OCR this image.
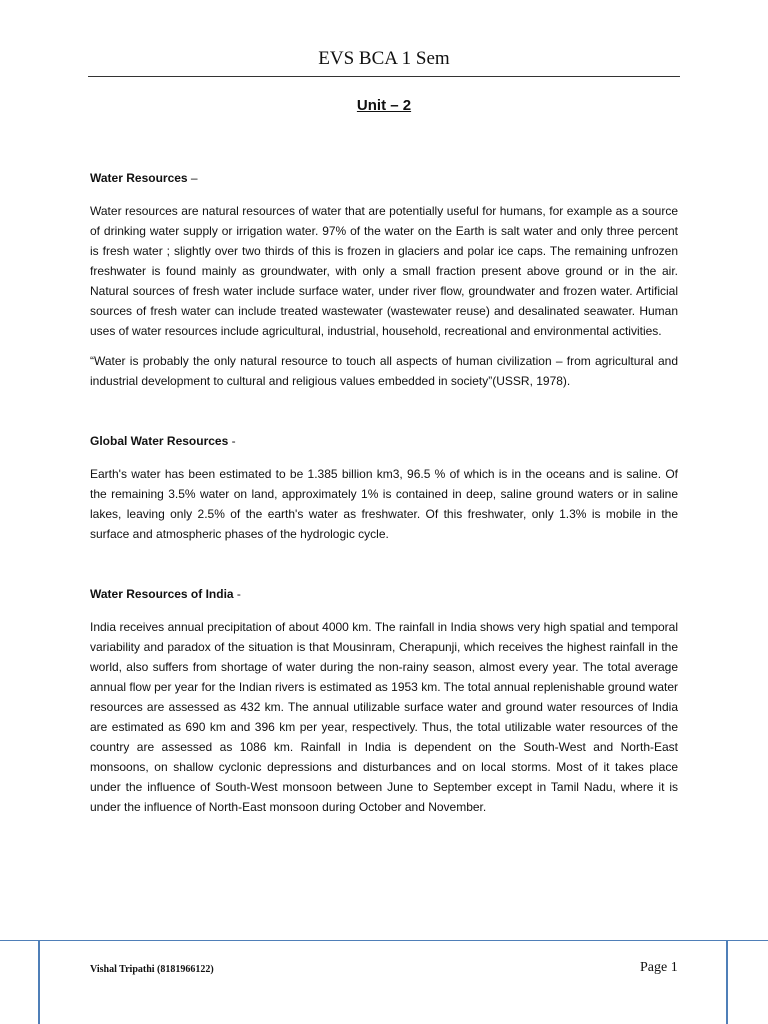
EVS BCA 1 Sem
Unit – 2
Water Resources –

Water resources are natural resources of water that are potentially useful for humans, for example as a source of drinking water supply or irrigation water. 97% of the water on the Earth is salt water and only three percent is fresh water ; slightly over two thirds of this is frozen in glaciers and polar ice caps. The remaining unfrozen freshwater is found mainly as groundwater, with only a small fraction present above ground or in the air. Natural sources of fresh water include surface water, under river flow, groundwater and frozen water. Artificial sources of fresh water can include treated wastewater (wastewater reuse) and desalinated seawater. Human uses of water resources include agricultural, industrial, household, recreational and environmental activities.

“Water is probably the only natural resource to touch all aspects of human civilization – from agricultural and industrial development to cultural and religious values embedded in society”(USSR, 1978).

Global Water Resources -

Earth's water has been estimated to be 1.385 billion km3, 96.5 % of which is in the oceans and is saline. Of the remaining 3.5% water on land, approximately 1% is contained in deep, saline ground waters or in saline lakes, leaving only 2.5% of the earth's water as freshwater. Of this freshwater, only 1.3% is mobile in the surface and atmospheric phases of the hydrologic cycle.

Water Resources of India -

India receives annual precipitation of about 4000 km. The rainfall in India shows very high spatial and temporal variability and paradox of the situation is that Mousinram, Cherapunji, which receives the highest rainfall in the world, also suffers from shortage of water during the non-rainy season, almost every year. The total average annual flow per year for the Indian rivers is estimated as 1953 km. The total annual replenishable ground water resources are assessed as 432 km. The annual utilizable surface water and ground water resources of India are estimated as 690 km and 396 km per year, respectively. Thus, the total utilizable water resources of the country are assessed as 1086 km. Rainfall in India is dependent on the South-West and North-East monsoons, on shallow cyclonic depressions and disturbances and on local storms. Most of it takes place under the influence of South-West monsoon between June to September except in Tamil Nadu, where it is under the influence of North-East monsoon during October and November.

Vishal Tripathi (8181966122)	Page 1
